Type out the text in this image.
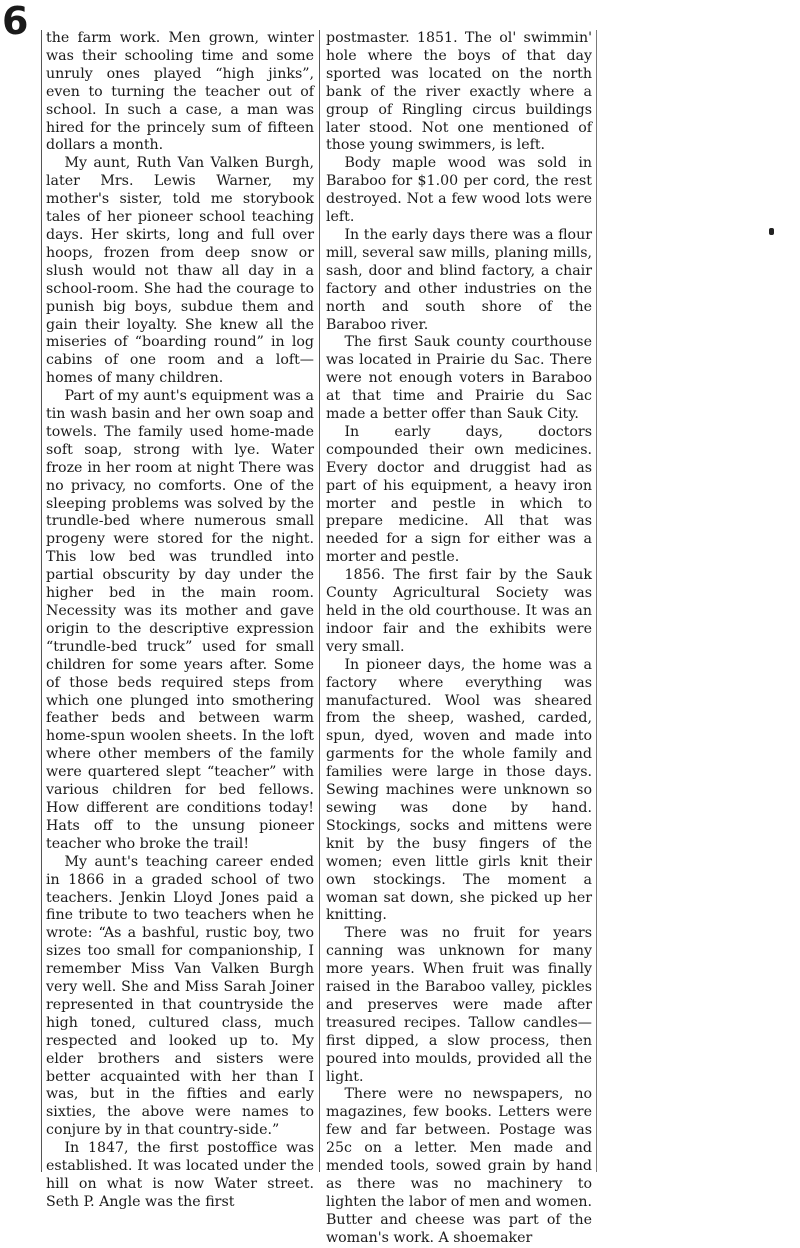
6 the farm work. Men grown, winter was their schooling time and some unruly ones played “high jinks”, even to turning the teacher out of school. In such a case, a man was hired for the princely sum of fifteen dollars a month.

My aunt, Ruth Van Valken Burgh, later Mrs. Lewis Warner, my mother's sister, told me storybook tales of her pioneer school teaching days. Her skirts, long and full over hoops, frozen from deep snow or slush would not thaw all day in a school-room. She had the courage to punish big boys, subdue them and gain their loyalty. She knew all the miseries of “boarding round” in log cabins of one room and a loft—homes of many children.

Part of my aunt's equipment was a tin wash basin and her own soap and towels. The family used home-made soft soap, strong with lye. Water froze in her room at night There was no privacy, no comforts. One of the sleeping problems was solved by the trundle-bed where numerous small progeny were stored for the night. This low bed was trundled into partial obscurity by day under the higher bed in the main room. Necessity was its mother and gave origin to the descriptive expression “trundle-bed truck” used for small children for some years after. Some of those beds required steps from which one plunged into smothering feather beds and between warm home-spun woolen sheets. In the loft where other members of the family were quartered slept “teacher” with various children for bed fellows. How different are conditions today! Hats off to the unsung pioneer teacher who broke the trail!

My aunt's teaching career ended in 1866 in a graded school of two teachers. Jenkin Lloyd Jones paid a fine tribute to two teachers when he wrote: “As a bashful, rustic boy, two sizes too small for companionship, I remember Miss Van Valken Burgh very well. She and Miss Sarah Joiner represented in that countryside the high toned, cultured class, much respected and looked up to. My elder brothers and sisters were better acquainted with her than I was, but in the fifties and early sixties, the above were names to conjure by in that country-side.”

In 1847, the first postoffice was established. It was located under the hill on what is now Water street. Seth P. Angle was the first

postmaster. 1851. The ol' swimmin' hole where the boys of that day sported was located on the north bank of the river exactly where a group of Ringling circus buildings later stood. Not one mentioned of those young swimmers, is left.

Body maple wood was sold in Baraboo for $1.00 per cord, the rest destroyed. Not a few wood lots were left.

In the early days there was a flour mill, several saw mills, planing mills, sash, door and blind factory, a chair factory and other industries on the north and south shore of the Baraboo river.

The first Sauk county courthouse was located in Prairie du Sac. There were not enough voters in Baraboo at that time and Prairie du Sac made a better offer than Sauk City.

In early days, doctors compounded their own medicines. Every doctor and druggist had as part of his equipment, a heavy iron morter and pestle in which to prepare medicine. All that was needed for a sign for either was a morter and pestle.

1856. The first fair by the Sauk County Agricultural Society was held in the old courthouse. It was an indoor fair and the exhibits were very small.

In pioneer days, the home was a factory where everything was manufactured. Wool was sheared from the sheep, washed, carded, spun, dyed, woven and made into garments for the whole family and families were large in those days. Sewing machines were unknown so sewing was done by hand. Stockings, socks and mittens were knit by the busy fingers of the women; even little girls knit their own stockings. The moment a woman sat down, she picked up her knitting.

There was no fruit for years canning was unknown for many more years. When fruit was finally raised in the Baraboo valley, pickles and preserves were made after treasured recipes. Tallow candles—first dipped, a slow process, then poured into moulds, provided all the light.

There were no newspapers, no magazines, few books. Letters were few and far between. Postage was 25c on a letter. Men made and mended tools, sowed grain by hand as there was no machinery to lighten the labor of men and women. Butter and cheese was part of the woman's work. A shoemaker
